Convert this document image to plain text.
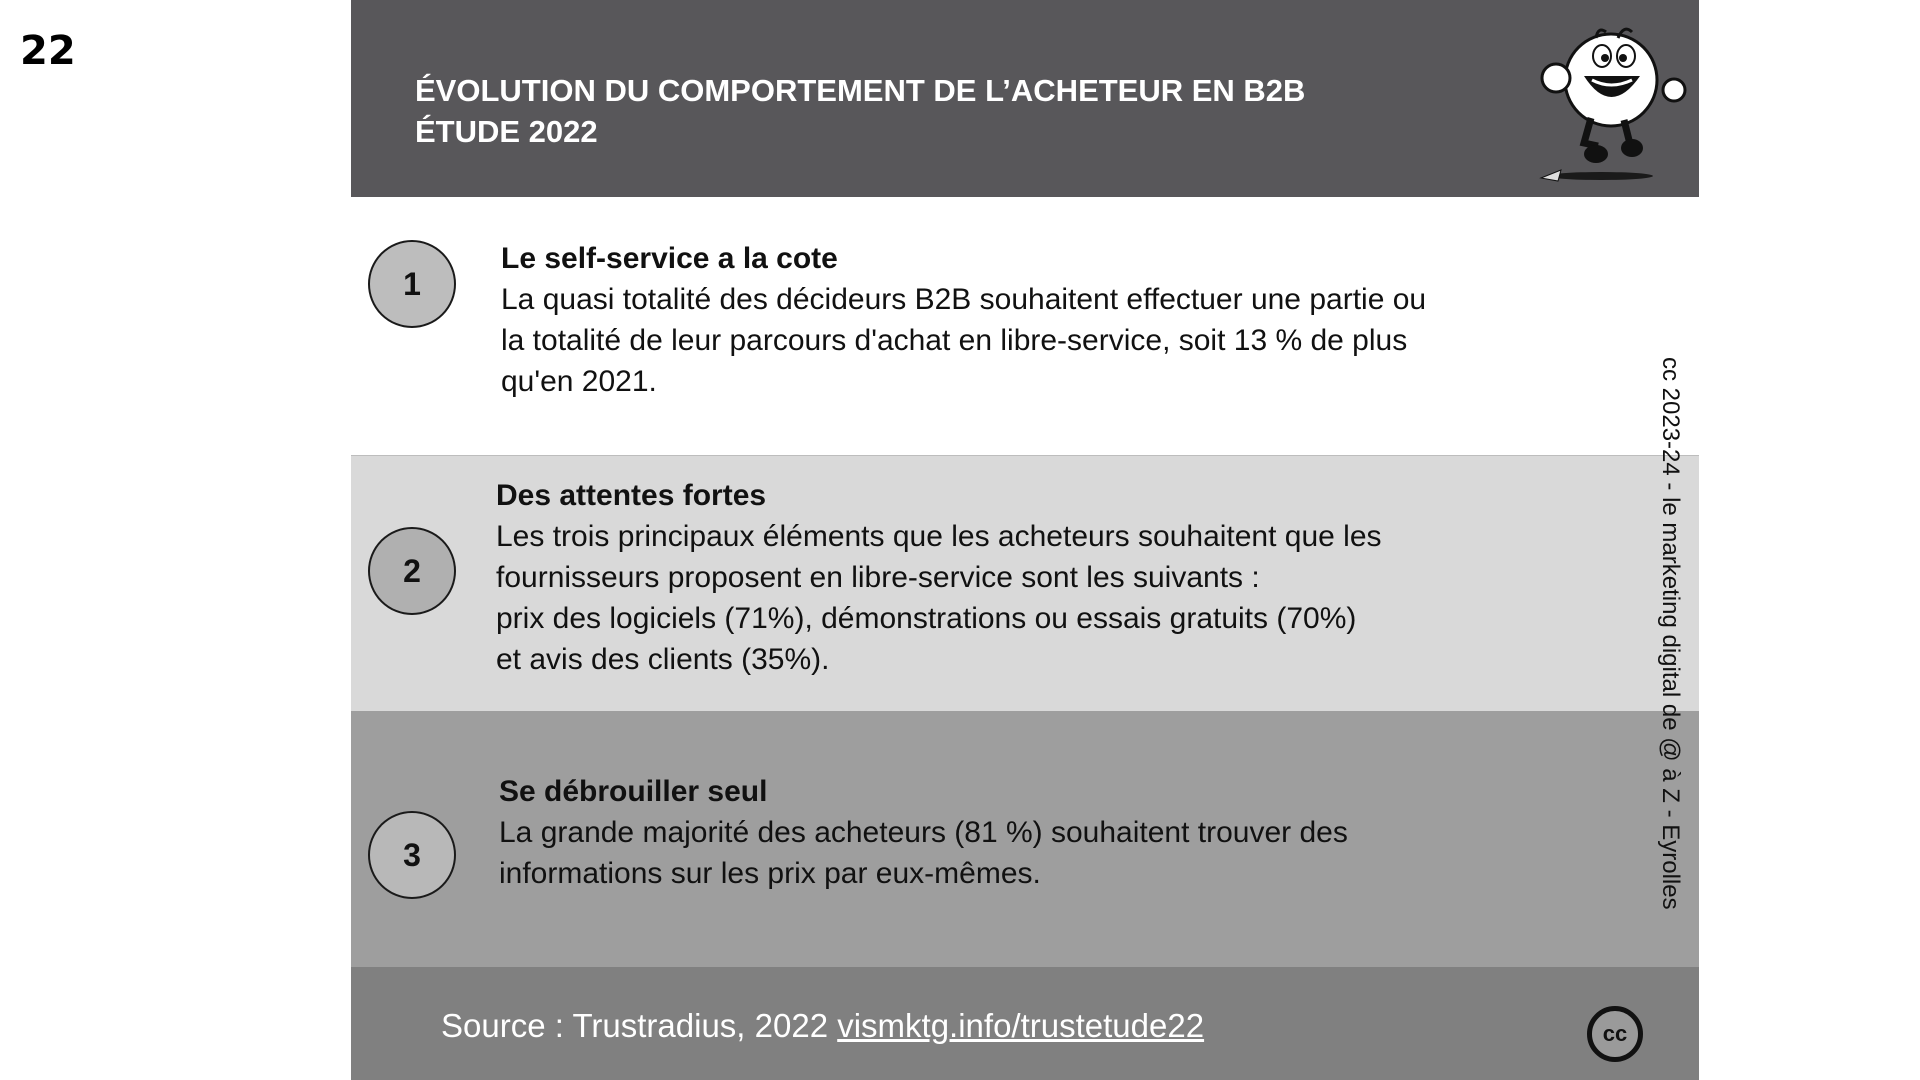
22
ÉVOLUTION DU COMPORTEMENT DE L’ACHETEUR EN B2B
ÉTUDE 2022
1
Le self-service a la cote
La quasi totalité des décideurs B2B souhaitent effectuer une partie ou
la totalité de leur parcours d'achat en libre-service, soit 13 % de plus
qu'en 2021.
2
Des attentes fortes
Les trois principaux éléments que les acheteurs souhaitent que les
fournisseurs proposent en libre-service sont les suivants :
prix des logiciels (71%), démonstrations ou essais gratuits (70%)
et avis des clients (35%).
3
Se débrouiller seul
La grande majorité des acheteurs (81 %) souhaitent trouver des
informations sur les prix par eux-mêmes.
Source : Trustradius, 2022 vismktg.info/trustetude22	cc
cc 2023-24 - le marketing digital de @ à Z - Eyrolles
